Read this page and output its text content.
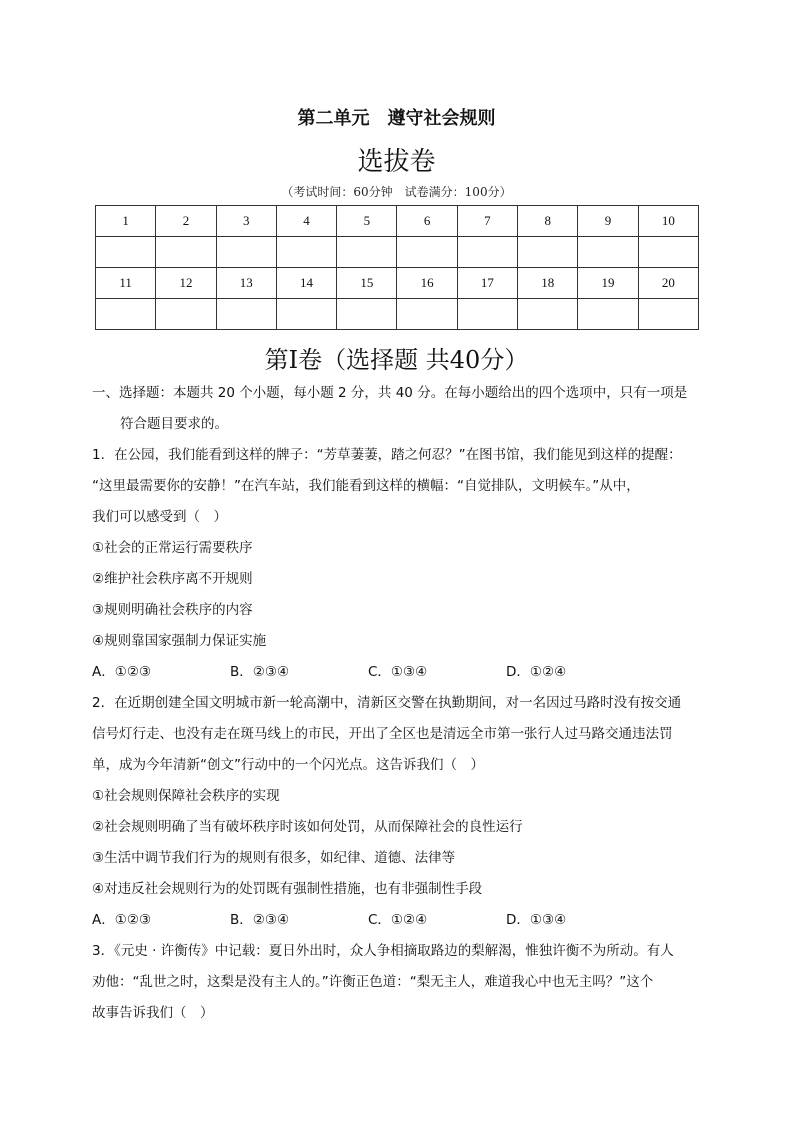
第二单元　遵守社会规则
选拔卷
（考试时间：60分钟　试卷满分：100分）
1	2	3	4	5	6	7	8	9	10

11	12	13	14	15	16	17	18	19	20

第Ⅰ卷（选择题 共40分）

一、选择题：本题共 20 个小题，每小题 2 分，共 40 分。在每小题给出的四个选项中，只有一项是

符合题目要求的。

1．在公园，我们能看到这样的牌子：“芳草萋萋，踏之何忍？”在图书馆，我们能见到这样的提醒：

“这里最需要你的安静！”在汽车站，我们能看到这样的横幅：“自觉排队，文明候车。”从中，

我们可以感受到（　）

①社会的正常运行需要秩序

②维护社会秩序离不开规则

③规则明确社会秩序的内容

④规则靠国家强制力保证实施

A．①②③	B．②③④	C．①③④	D．①②④

2．在近期创建全国文明城市新一轮高潮中，清新区交警在执勤期间，对一名因过马路时没有按交通

信号灯行走、也没有走在斑马线上的市民，开出了全区也是清远全市第一张行人过马路交通违法罚

单，成为今年清新“创文”行动中的一个闪光点。这告诉我们（　）

①社会规则保障社会秩序的实现

②社会规则明确了当有破坏秩序时该如何处罚，从而保障社会的良性运行

③生活中调节我们行为的规则有很多，如纪律、道德、法律等

④对违反社会规则行为的处罚既有强制性措施，也有非强制性手段

A．①②③	B．②③④	C．①②④	D．①③④

3．《元史 · 许衡传》中记载：夏日外出时，众人争相摘取路边的梨解渴，惟独许衡不为所动。有人

劝他：“乱世之时，这梨是没有主人的。”许衡正色道：“梨无主人，难道我心中也无主吗？”这个

故事告诉我们（　）
